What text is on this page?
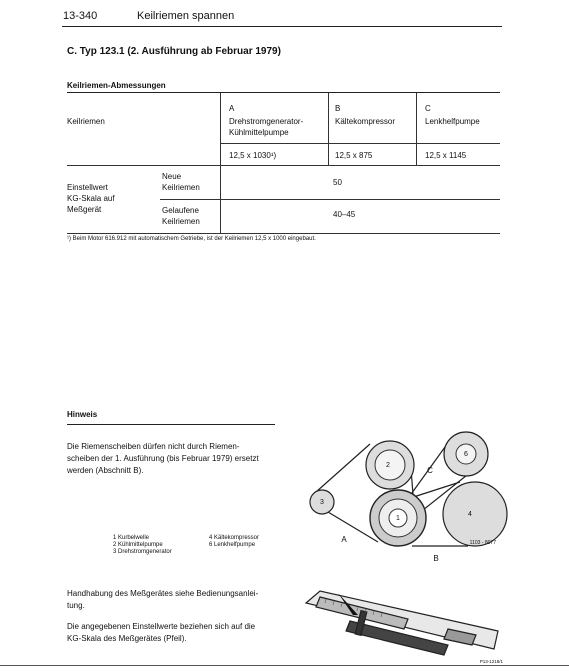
13-340	Keilriemen spannen
C. Typ 123.1 (2. Ausführung ab Februar 1979)
Keilriemen-Abmessungen
Keilriemen
A
Drehstromgenerator-
Kühlmittelpumpe
12,5 x 1030¹)
B
Kältekompressor
12,5 x 875
C
Lenkhelfpumpe
12,5 x 1145
Einstellwert
KG-Skala auf
Meßgerät
Neue
Keilriemen
50
Gelaufene
Keilriemen
40–45
¹) Beim Motor 616.912 mit automatischem Getriebe, ist der Keilriemen 12,5 x 1000 eingebaut.
Hinweis
Die Riemenscheiben dürfen nicht durch Riemen-
scheiben der 1. Ausführung (bis Februar 1979) ersetzt
werden (Abschnitt B).
1 Kurbelwelle
2 Kühlmittelpumpe
3 Drehstromgenerator
4 Kältekompressor
6 Lenkhelfpumpe
1
2
3
4
6
A
B
C
1103 - 8077
Handhabung des Meßgerätes siehe Bedienungsanlei-
tung.
Die angegebenen Einstellwerte beziehen sich auf die
KG-Skala des Meßgerätes (Pfeil).
P13-1218/1
